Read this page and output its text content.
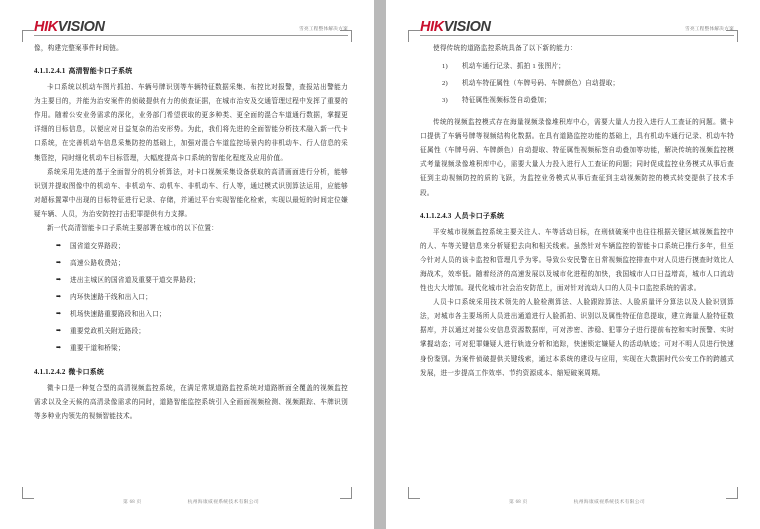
HIKVISION	雪亮工程整体解决方案

像，构建完整案事件时间链。

4.1.1.2.4.1 高清智能卡口子系统

卡口系统以机动车图片抓拍、车辆号牌识别等车辆特征数据采集、布控比对报警，查报站出警能力为主要目的，并能为治安案件的侦破提供有力的侦查证据，在城市治安及交通管理过程中发挥了重要的作用。随着公安业务需求的深化，业务部门希望获取的更多种类、更全面的混合车道通行数据，掌握更详细的目标信息，以便应对日益复杂的治安形势。为此，我们将先进的全面智能分析技术融入新一代卡口系统，在完善机动车信息采集防控的基础上，加强对混合车道监控场景内的非机动车、行人信息的采集管控，同时细化机动车目标管理，大幅度提高卡口系统的智能化程度及应用价值。

系统采用先进的基于全面智分的机分析算法，对卡口视频采集设备获取的高清画面进行分析，能够识别并提取图像中的机动车、非机动车、动机车、非机动车、行人等，通过模式识别算法运用，应能够对超标置罩中出现的目标特征进行记录、存储，并通过平台实现智能化检索，实现以最短的时间定位嫌疑车辆、人员，为治安防控打击犯罪提供有力支撑。

新一代高清智能卡口子系统主要部署在城市的以下位置：

➡ 国省道交界路段；
➡ 高速公路收费站；
➡ 进出主城区的国省道及重要干道交界路段；
➡ 内环快速路干线和出入口；
➡ 机场快速路重要路段和出入口；
➡ 重要党政机关附近路段；
➡ 重要干道和桥梁；
4.1.1.2.4.2 微卡口系统

微卡口是一种复合型的高清视频监控系统，在满足常规道路监控系统对道路断面全覆盖的视频监控需求以及全天候的高清录像需求的同时，道路智能监控系统引入全画面视频检测、视频跟踪、车牌识别等多种业内领先的视频智能技术。

第 68 页	杭州海康威视系统技术有限公司
HIKVISION	雪亮工程整体解决方案

使得传统的道路监控系统具备了以下新的能力：

1) 机动车通行记录、抓拍 1 张图片；
2) 机动车特征属性（车牌号码、车牌颜色）自动提取；
3) 特征属性视频标签自动叠加；

传统的视频监控模式存在海量视频录像堆积库中心，需要大量人力投入进行人工查证的问题。微卡口提供了车辆号牌等视频结构化数据。在具有道路监控功能的基础上，具有机动车通行记录、机动车特征属性（车牌号码、车牌颜色）自动提取、特征属性视频标签自动叠加等功能，解决传统的视频监控模式考量视频录像堆积库中心，需要大量人力投入进行人工查证的问题；同时促成监控业务模式从事后查征到主动视频防控的质的飞跃，为监控业务模式从事后查征到主动视频防控的模式转变提供了技术手段。

4.1.1.2.4.3 人员卡口子系统

平安城市视频监控系统主要关注人、车等活动目标，在刑侦破案中也往往根据关键区域视频监控中的人、车等关键信息来分析疑犯去向和相关线索。虽然针对车辆监控的智能卡口系统已推行多年，但至今针对人员的该卡监控和管理几乎为零。导致公安民警在日常视频监控排查中对人员进行摸查时效比人海战术，效率低。随着经济的高速发展以及城市化进程的加快，我国城市人口日益增高，城市人口流动性也大大增加。现代化城市社会治安防范上，面对针对流动人口的人员卡口监控系统的需求。

人员卡口系统采用技术领先的人脸检测算法、人脸跟踪算法、人脸质量评分算法以及人脸识别算法，对城市各主要场所人员进出通道进行人脸抓拍、识别以及属性特征信息提取，建立海量人脸特征数据库，并以通过对接公安信息资源数据库，可对涉密、涉稳、犯罪分子进行提前布控和实时预警、实时掌握动态；可对犯罪嫌疑人进行轨迹分析和追踪，快速锁定嫌疑人的活动轨迹；可对不明人员进行快速身份鉴别。为案件侦破提供关键线索，通过本系统的建设与应用，实现在大数据时代公安工作的跨越式发展，进一步提高工作效率、节约资源成本、缩短破案周期。

第 68 页	杭州海康威视系统技术有限公司
